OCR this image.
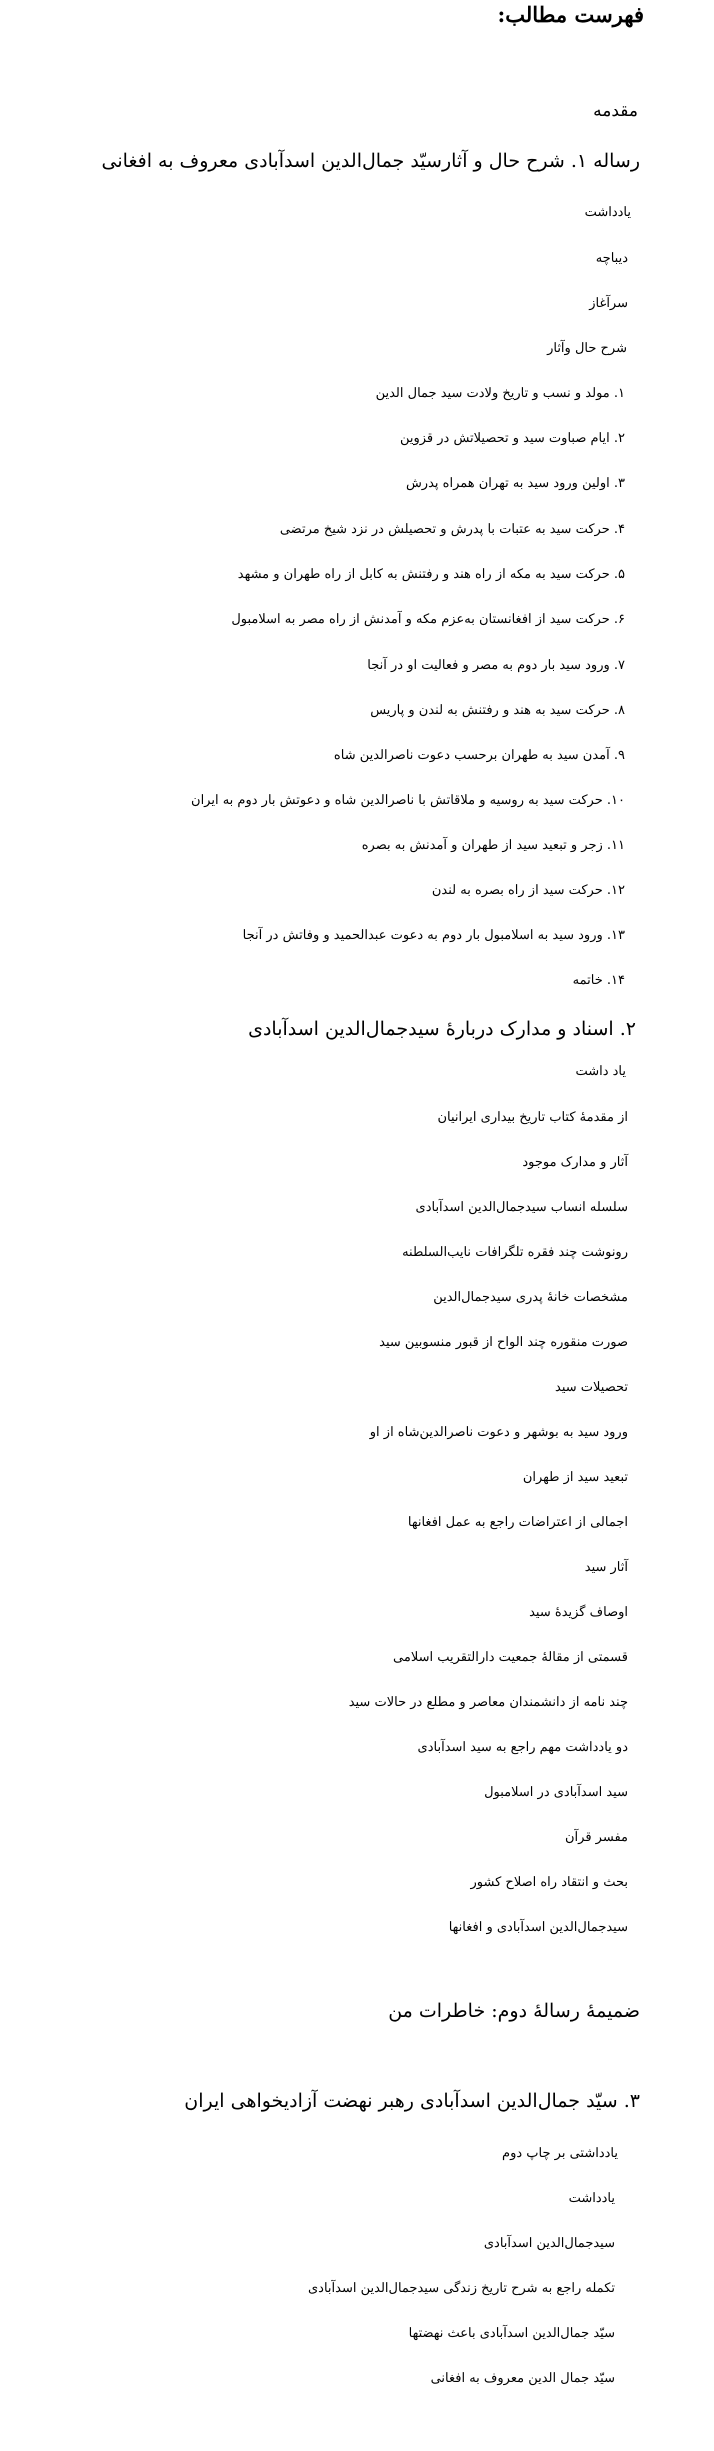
فهرست مطالب:
مقدمه
رساله ۱. شرح حال و آثارسیّد جمال‌الدین اسدآبادی معروف به افغانی
یادداشت
دیباچه
سرآغاز
شرح حال وآثار
۱. مولد و نسب و تاریخ ولادت سید جمال الدین
۲. ایام صباوت سید و تحصیلاتش در قزوین
۳. اولین ورود سید به تهران همراه پدرش
۴. حرکت سید به عتبات با پدرش و تحصیلش در نزد شیخ مرتضی
۵. حرکت سید به مکه از راه هند و رفتنش به کابل از راه طهران و مشهد
۶. حرکت سید از افغانستان به‌عزم مکه و آمدنش از راه مصر به اسلامبول
۷. ورود سید بار دوم به مصر و فعالیت او در آنجا
۸. حرکت سید به هند و رفتنش به لندن و پاریس
۹. آمدن سید به طهران برحسب دعوت ناصرالدین شاه
۱۰. حرکت سید به روسیه و ملاقاتش با ناصرالدین شاه و دعوتش بار دوم به ایران
۱۱. زجر و تبعید سید از طهران و آمدنش به بصره
۱۲. حرکت سید از راه بصره به لندن
۱۳. ورود سید به اسلامبول بار دوم به دعوت عبدالحمید و وفاتش در آنجا
۱۴. خاتمه
۲. اسناد و مدارک دربارهٔ سیدجمال‌الدین اسدآبادی
یاد داشت
از مقدمهٔ کتاب تاریخ بیداری ایرانیان
آثار و مدارک موجود
سلسله انساب سیدجمال‌الدین اسدآبادی
رونوشت چند فقره تلگرافات نایب‌السلطنه
مشخصات خانهٔ پدری سیدجمال‌الدین
صورت منقوره چند الواح از قبور منسوبین سید
تحصیلات سید
ورود سید به بوشهر و دعوت ناصرالدین‌شاه از او
تبعید سید از طهران
اجمالی از اعتراضات راجع به عمل افغانها
آثار سید
اوصاف گزیدهٔ سید
قسمتی از مقالهٔ جمعیت دارالتقریب اسلامی
چند نامه از دانشمندان معاصر و مطلع در حالات سید
دو یادداشت مهم راجع به سید اسدآبادی
سید اسدآبادی در اسلامبول
مفسر قرآن
بحث و انتقاد راه اصلاح کشور
سیدجمال‌الدین اسدآبادی و افغانها
ضمیمهٔ رسالهٔ دوم: خاطرات من
۳. سیّد جمال‌الدین اسدآبادی رهبر نهضت آزادیخواهی ایران
یادداشتی بر چاپ دوم
یادداشت
سیدجمال‌الدین اسدآبادی
تکمله راجع به شرح تاریخ زندگی سیدجمال‌الدین اسدآبادی
سیّد جمال‌الدین اسدآبادی باعث نهضتها
سیّد جمال الدین معروف به افغانی
